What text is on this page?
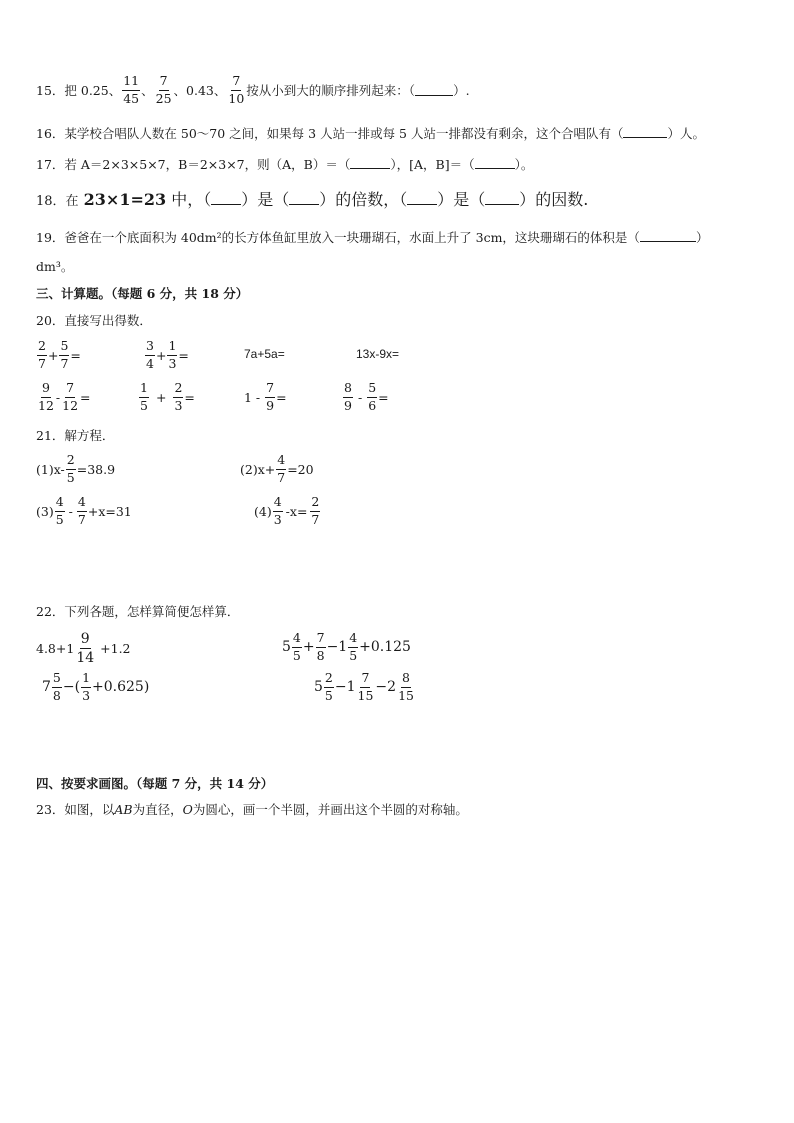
15．把 0.25、 $\frac{11}{45}$ 、 $\frac{7}{25}$ 、0.43、 $\frac{7}{10}$ 按从小到大的顺序排列起来：（	）.
16．某学校合唱队人数在 50～70 之间，如果每 3 人站一排或每 5 人站一排都没有剩余，这个合唱队有（	）人。
17．若 A＝2×3×5×7，B＝2×3×7，则（A，B）＝（	），[A，B]＝（	）。
18．在 23×1=23 中，（ ）是（ ）的倍数，（ ）是（ ）的因数.
19．爸爸在一个底面积为 40dm²的长方体鱼缸里放入一块珊瑚石，水面上升了 3cm，这块珊瑚石的体积是（	）
dm³。
三、计算题。（每题 6 分，共 18 分）
20．直接写出得数．
$\frac{2}{7} + \frac{5}{7}$ =	$\frac{3}{4} + \frac{1}{3}$ =	7a+5a=	13x-9x=
$\frac{9}{12} - \frac{7}{12}$ =	$\frac{1}{5} + \frac{2}{3}$ =	$1 - \frac{7}{9}$ =	$\frac{8}{9} - \frac{5}{6}$ =
21．解方程．
$(1)x- \frac{2}{5} =38.9$	$(2)x+ \frac{4}{7} =20$
$(3) \frac{4}{5} - \frac{4}{7} +x=31$	$(4) \frac{4}{3} -x= \frac{2}{7}$
22．下列各题，怎样算简便怎样算．
$4.8+1 \frac{9}{14} +1.2$	$5 \frac{4}{5} + \frac{7}{8} -1 \frac{4}{5} +0.125$
$7 \frac{5}{8}$ −( $\frac{1}{3} +0.625$)	$5 \frac{2}{5} -1 \frac{7}{15} -2 \frac{8}{15}$
四、按要求画图。（每题 7 分，共 14 分）
23．如图，以AB为直径，O为圆心，画一个半圆，并画出这个半圆的对称轴。
